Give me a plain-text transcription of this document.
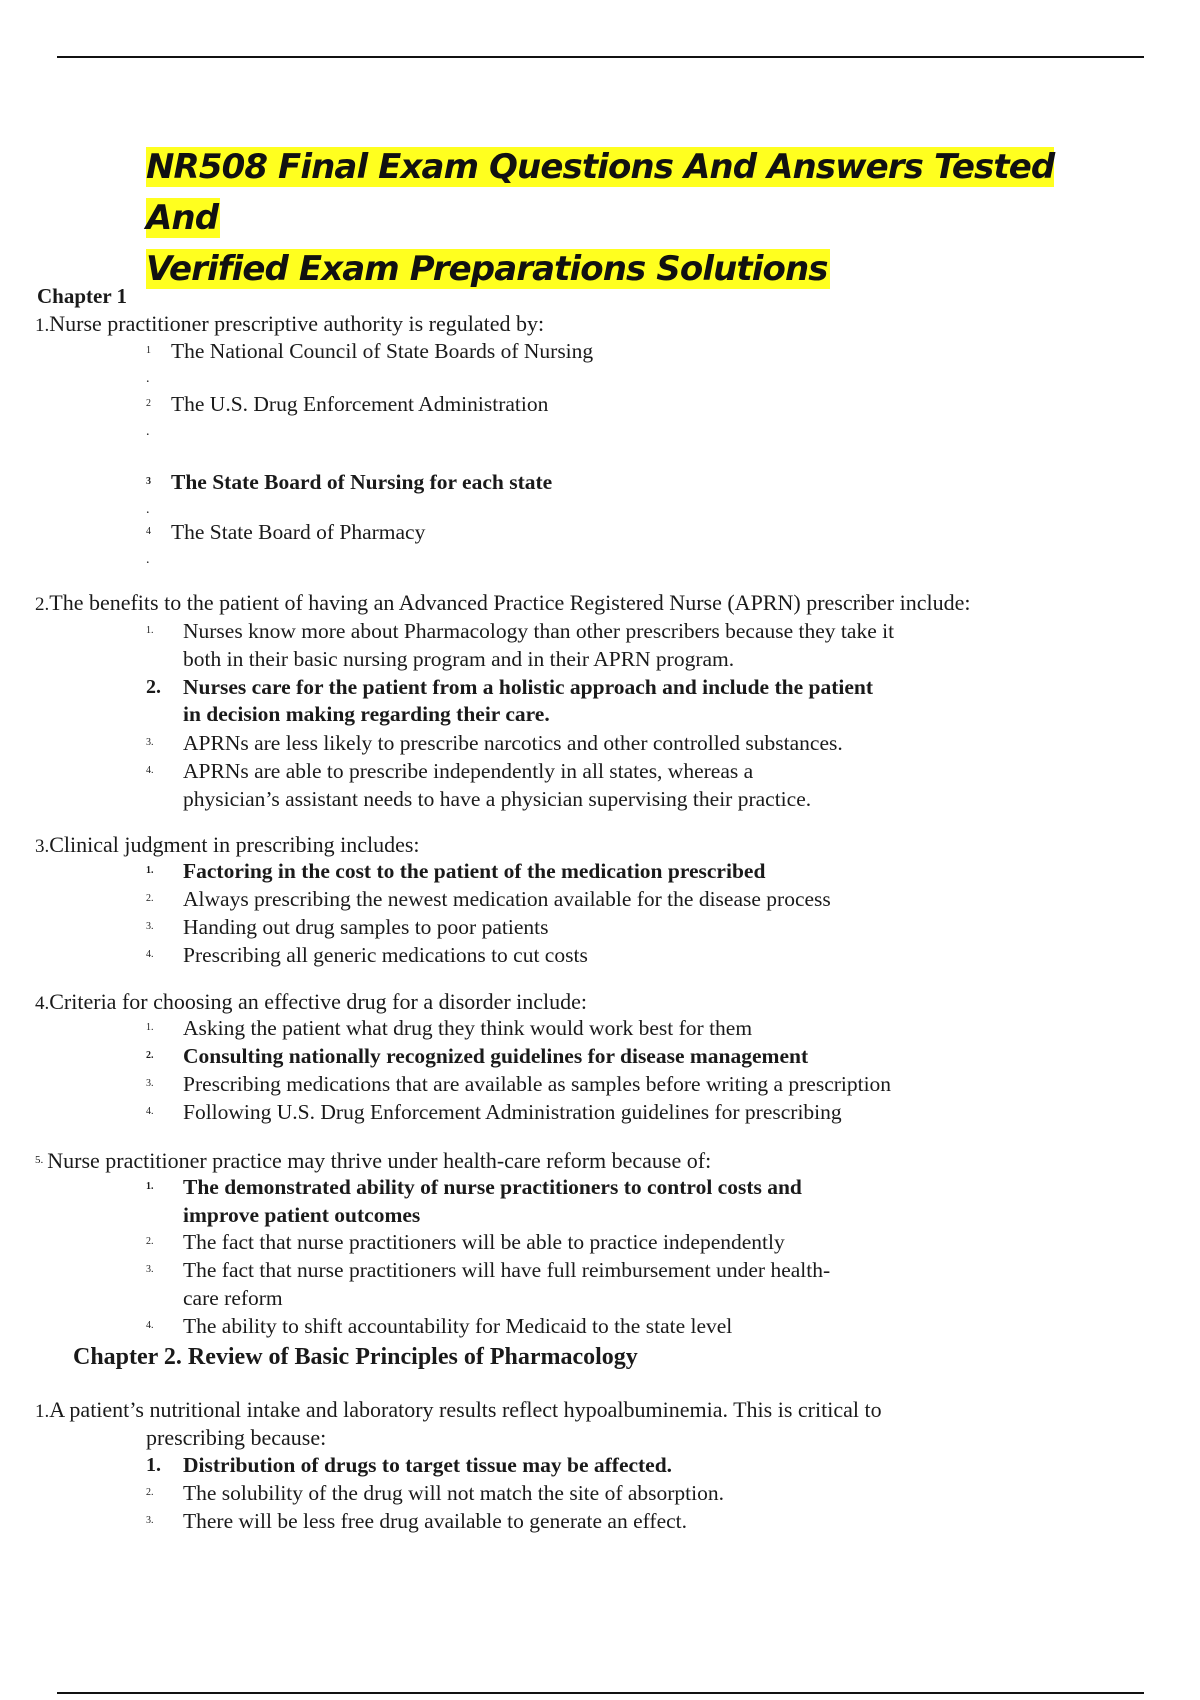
NR508 Final Exam Questions And Answers Tested And
Verified Exam Preparations Solutions
Chapter 1
1.Nurse practitioner prescriptive authority is regulated by:
1 The National Council of State Boards of Nursing
.
2 The U.S. Drug Enforcement Administration
.
3 The State Board of Nursing for each state
.
4 The State Board of Pharmacy
.
2.The benefits to the patient of having an Advanced Practice Registered Nurse (APRN) prescriber include:
1. Nurses know more about Pharmacology than other prescribers because they take it
both in their basic nursing program and in their APRN program.
2. Nurses care for the patient from a holistic approach and include the patient
in decision making regarding their care.
3. APRNs are less likely to prescribe narcotics and other controlled substances.
4. APRNs are able to prescribe independently in all states, whereas a
physician’s assistant needs to have a physician supervising their practice.
3.Clinical judgment in prescribing includes:
1. Factoring in the cost to the patient of the medication prescribed
2. Always prescribing the newest medication available for the disease process
3. Handing out drug samples to poor patients
4. Prescribing all generic medications to cut costs
4.Criteria for choosing an effective drug for a disorder include:
1. Asking the patient what drug they think would work best for them
2. Consulting nationally recognized guidelines for disease management
3. Prescribing medications that are available as samples before writing a prescription
4. Following U.S. Drug Enforcement Administration guidelines for prescribing
$^{5.}$ Nurse practitioner practice may thrive under health-care reform because of:
1. The demonstrated ability of nurse practitioners to control costs and
improve patient outcomes
2. The fact that nurse practitioners will be able to practice independently
3. The fact that nurse practitioners will have full reimbursement under health-
care reform
4. The ability to shift accountability for Medicaid to the state level
Chapter 2. Review of Basic Principles of Pharmacology
1.A patient’s nutritional intake and laboratory results reflect hypoalbuminemia. This is critical to
prescribing because:
1. Distribution of drugs to target tissue may be affected.
2. The solubility of the drug will not match the site of absorption.
3. There will be less free drug available to generate an effect.
